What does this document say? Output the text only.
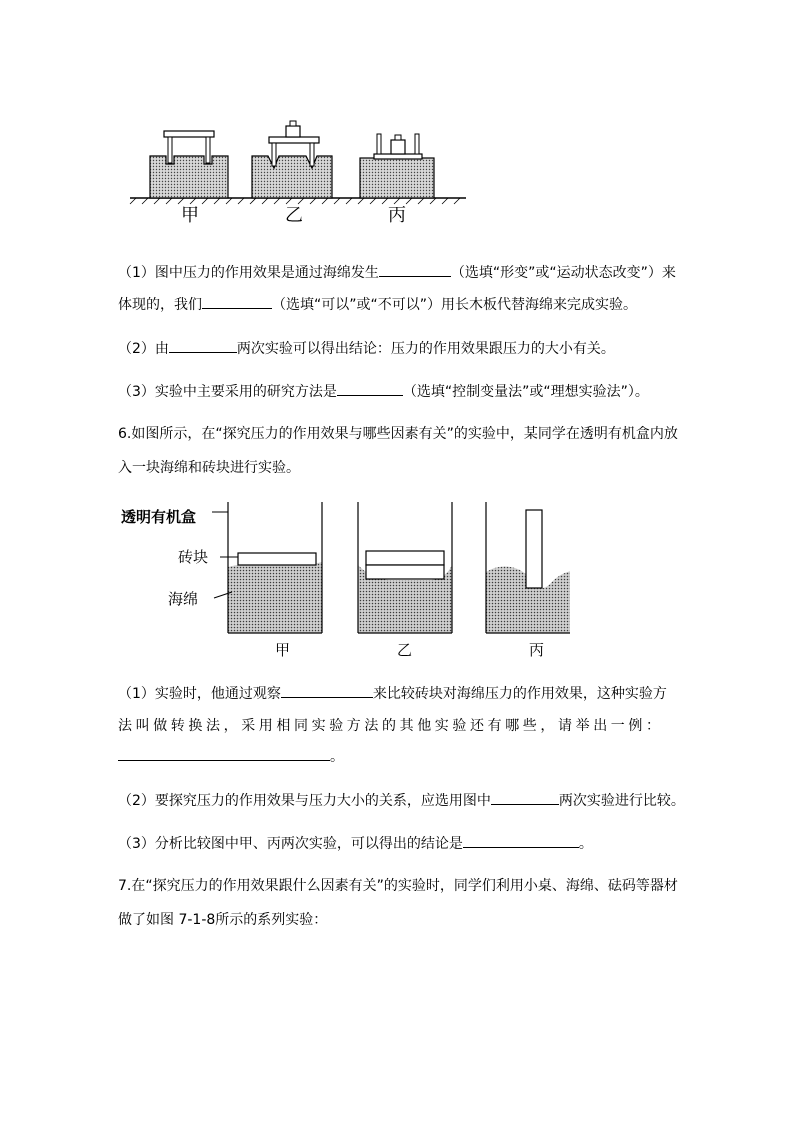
甲	乙	丙
（1）图中压力的作用效果是通过海绵发生	（选填“形变”或“运动状态改变”）来
体现的，我们	（选填“可以”或“不可以”）用长木板代替海绵来完成实验。
（2）由	两次实验可以得出结论：压力的作用效果跟压力的大小有关。
（3）实验中主要采用的研究方法是	（选填“控制变量法”或“理想实验法”）。
6.如图所示，在“探究压力的作用效果与哪些因素有关”的实验中，某同学在透明有机盒内放
入一块海绵和砖块进行实验。
透明有机盒
砖块
海绵
甲	乙	丙
（1）实验时，他通过观察	来比较砖块对海绵压力的作用效果，这种实验方
法叫做转换法，采用相同实验方法的其他实验还有哪些，请举出一例：
。
（2）要探究压力的作用效果与压力大小的关系，应选用图中	两次实验进行比较。
（3）分析比较图中甲、丙两次实验，可以得出的结论是	。
7.在“探究压力的作用效果跟什么因素有关”的实验时，同学们利用小桌、海绵、砝码等器材
做了如图 7-1-8所示的系列实验：
